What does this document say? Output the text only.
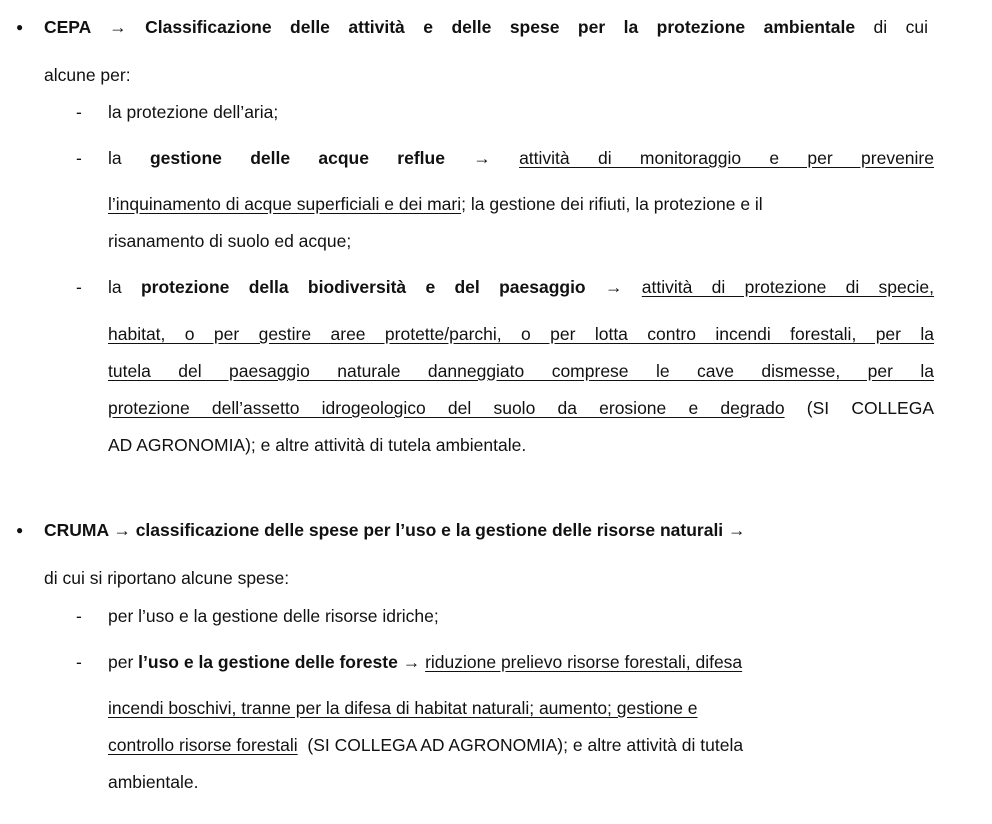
● CEPA → Classificazione delle attività e delle spese per la protezione ambientale di cui
alcune per:
- la protezione dell’aria;
- la gestione delle acque reflue → attività di monitoraggio e per prevenire
l’inquinamento di acque superficiali e dei mari; la gestione dei rifiuti, la protezione e il
risanamento di suolo ed acque;
- la protezione della biodiversità e del paesaggio → attività di protezione di specie,
habitat, o per gestire aree protette/parchi, o per lotta contro incendi forestali, per la
tutela del paesaggio naturale danneggiato comprese le cave dismesse, per la
protezione dell’assetto idrogeologico del suolo da erosione e degrado (SI COLLEGA
AD AGRONOMIA); e altre attività di tutela ambientale.
● CRUMA → classificazione delle spese per l’uso e la gestione delle risorse naturali →
di cui si riportano alcune spese:
- per l’uso e la gestione delle risorse idriche;
- per l’uso e la gestione delle foreste → riduzione prelievo risorse forestali, difesa
incendi boschivi, tranne per la difesa di habitat naturali; aumento; gestione e
controllo risorse forestali  (SI COLLEGA AD AGRONOMIA); e altre attività di tutela
ambientale.
